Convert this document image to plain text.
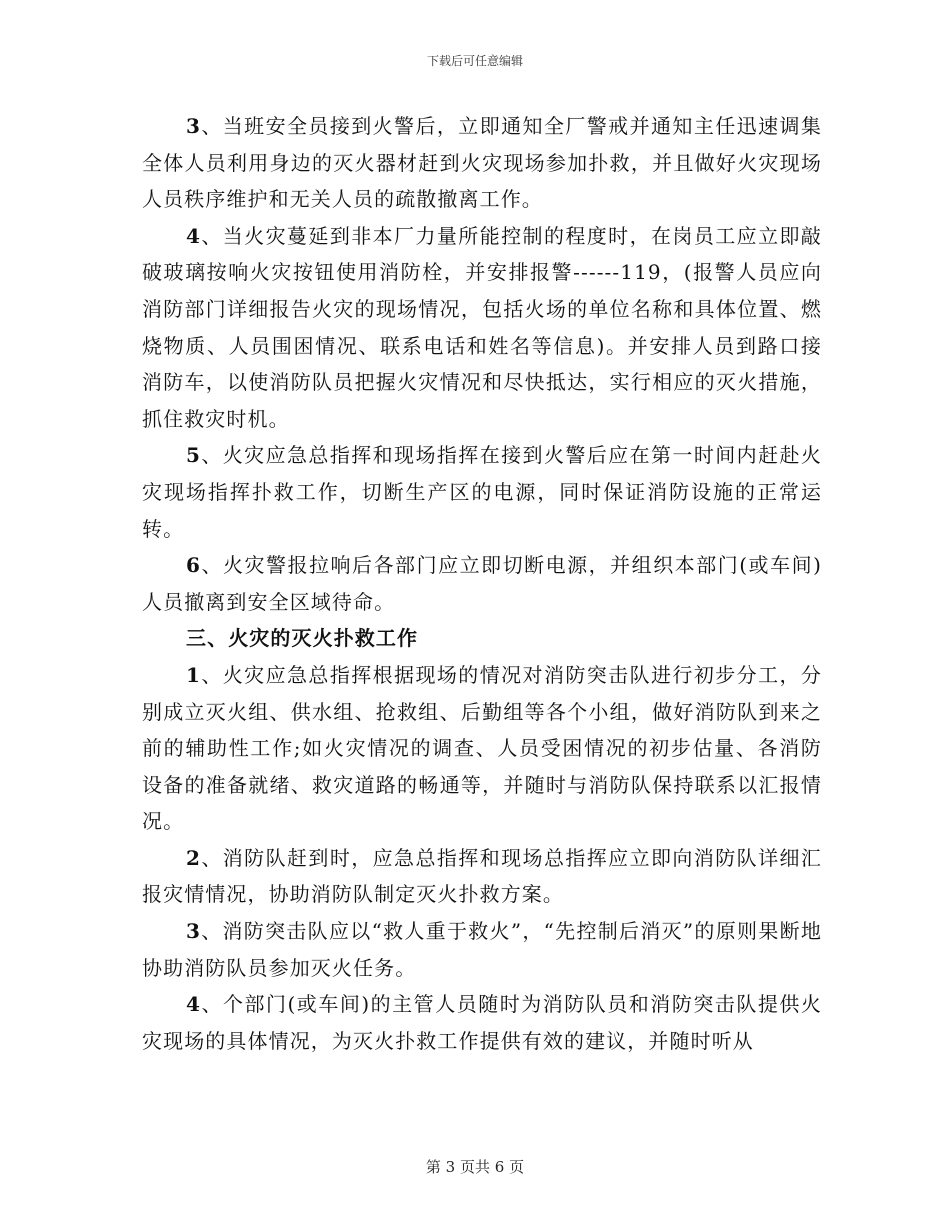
下载后可任意编辑

3、当班安全员接到火警后，立即通知全厂警戒并通知主任迅速调集全体人员利用身边的灭火器材赶到火灾现场参加扑救，并且做好火灾现场人员秩序维护和无关人员的疏散撤离工作。

4、当火灾蔓延到非本厂力量所能控制的程度时，在岗员工应立即敲破玻璃按响火灾按钮使用消防栓，并安排报警------119，(报警人员应向消防部门详细报告火灾的现场情况，包括火场的单位名称和具体位置、燃烧物质、人员围困情况、联系电话和姓名等信息)。并安排人员到路口接消防车，以使消防队员把握火灾情况和尽快抵达，实行相应的灭火措施，抓住救灾时机。

5、火灾应急总指挥和现场指挥在接到火警后应在第一时间内赶赴火灾现场指挥扑救工作，切断生产区的电源，同时保证消防设施的正常运转。

6、火灾警报拉响后各部门应立即切断电源，并组织本部门(或车间)人员撤离到安全区域待命。

三、火灾的灭火扑救工作

1、火灾应急总指挥根据现场的情况对消防突击队进行初步分工，分别成立灭火组、供水组、抢救组、后勤组等各个小组，做好消防队到来之前的辅助性工作;如火灾情况的调查、人员受困情况的初步估量、各消防设备的准备就绪、救灾道路的畅通等，并随时与消防队保持联系以汇报情况。

2、消防队赶到时，应急总指挥和现场总指挥应立即向消防队详细汇报灾情情况，协助消防队制定灭火扑救方案。

3、消防突击队应以“救人重于救火”，“先控制后消灭”的原则果断地协助消防队员参加灭火任务。

4、个部门(或车间)的主管人员随时为消防队员和消防突击队提供火灾现场的具体情况，为灭火扑救工作提供有效的建议，并随时听从

第 3 页共 6 页
